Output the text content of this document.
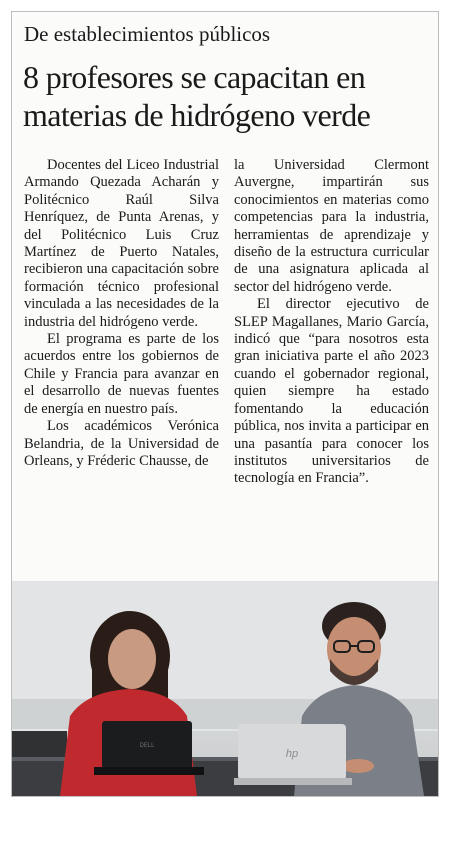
De establecimientos públicos
8 profesores se capacitan en
materias de hidrógeno verde

Docentes del Liceo Industrial Armando Quezada Acharán y Politécnico Raúl Silva Henríquez, de Punta Arenas, y del Politécnico Luis Cruz Martínez de Puerto Natales, recibieron una capacitación sobre formación técnico profesional vinculada a las necesidades de la industria del hidrógeno verde.

El programa es parte de los acuerdos entre los gobiernos de Chile y Francia para avanzar en el desarrollo de nuevas fuentes de energía en nuestro país.

Los académicos Verónica Belandria, de la Universidad de Orleans, y Fréderic Chausse, de

la Universidad Clermont Auvergne, impartirán sus conocimientos en materias como competencias para la industria, herramientas de aprendizaje y diseño de la estructura curricular de una asignatura aplicada al sector del hidrógeno verde.

El director ejecutivo de SLEP Magallanes, Mario García, indicó que “para nosotros esta gran iniciativa parte el año 2023 cuando el gobernador regional, quien siempre ha estado fomentando la educación pública, nos invita a participar en una pasantía para conocer los institutos universitarios de tecnología en Francia”.

DELL
hp
